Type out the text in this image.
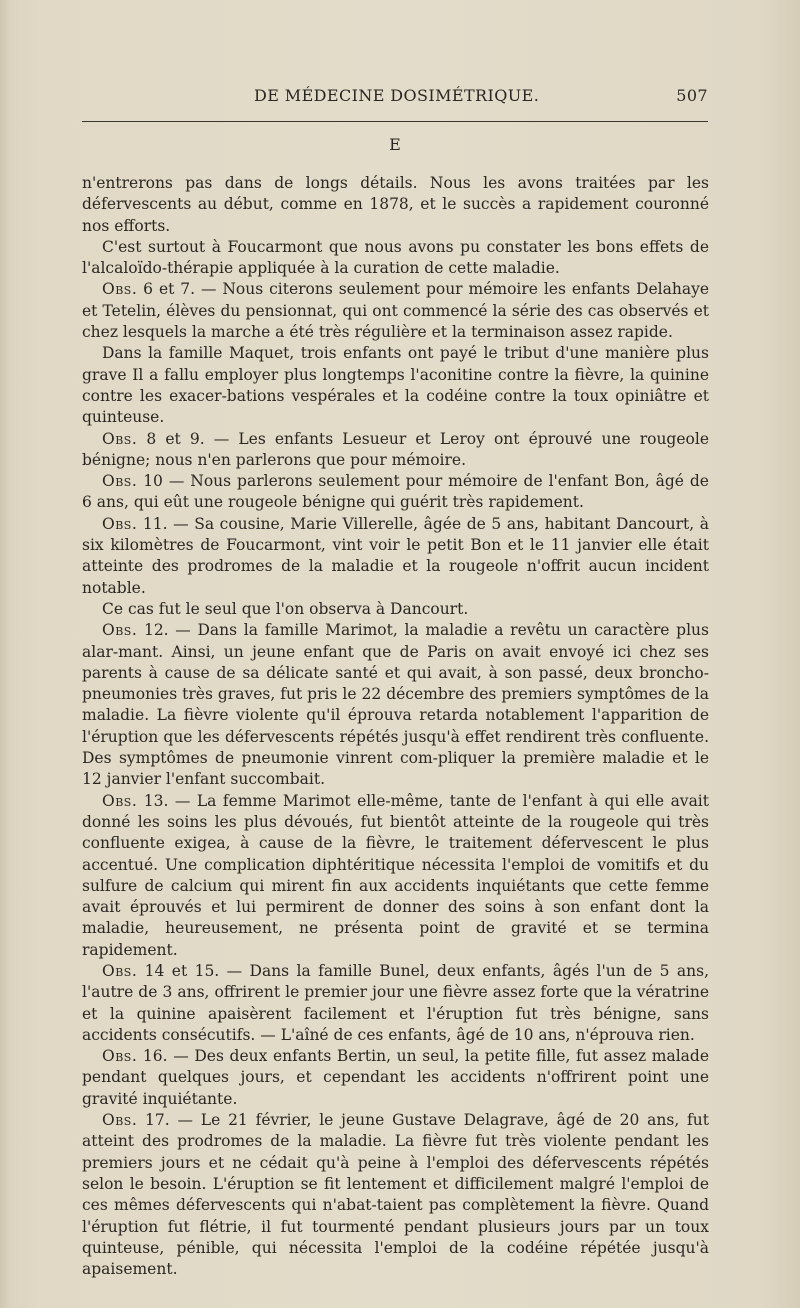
DE MÉDECINE DOSIMÉTRIQUE.	507
E

n'entrerons pas dans de longs détails. Nous les avons traitées par les défervescents au début, comme en 1878, et le succès a rapidement couronné nos efforts.

C'est surtout à Foucarmont que nous avons pu constater les bons effets de l'alcaloïdo-thérapie appliquée à la curation de cette maladie.

Obs. 6 et 7. — Nous citerons seulement pour mémoire les enfants Delahaye et Tetelin, élèves du pensionnat, qui ont commencé la série des cas observés et chez lesquels la marche a été très régulière et la terminaison assez rapide.

Dans la famille Maquet, trois enfants ont payé le tribut d'une manière plus grave Il a fallu employer plus longtemps l'aconitine contre la fièvre, la quinine contre les exacer-bations vespérales et la codéine contre la toux opiniâtre et quinteuse.

Obs. 8 et 9. — Les enfants Lesueur et Leroy ont éprouvé une rougeole bénigne; nous n'en parlerons que pour mémoire.

Obs. 10 — Nous parlerons seulement pour mémoire de l'enfant Bon, âgé de 6 ans, qui eût une rougeole bénigne qui guérit très rapidement.

Obs. 11. — Sa cousine, Marie Villerelle, âgée de 5 ans, habitant Dancourt, à six kilomètres de Foucarmont, vint voir le petit Bon et le 11 janvier elle était atteinte des prodromes de la maladie et la rougeole n'offrit aucun incident notable.

Ce cas fut le seul que l'on observa à Dancourt.

Obs. 12. — Dans la famille Marimot, la maladie a revêtu un caractère plus alar-mant. Ainsi, un jeune enfant que de Paris on avait envoyé ici chez ses parents à cause de sa délicate santé et qui avait, à son passé, deux broncho-pneumonies très graves, fut pris le 22 décembre des premiers symptômes de la maladie. La fièvre violente qu'il éprouva retarda notablement l'apparition de l'éruption que les défervescents répétés jusqu'à effet rendirent très confluente. Des symptômes de pneumonie vinrent com-pliquer la première maladie et le 12 janvier l'enfant succombait.

Obs. 13. — La femme Marimot elle-même, tante de l'enfant à qui elle avait donné les soins les plus dévoués, fut bientôt atteinte de la rougeole qui très confluente exigea, à cause de la fièvre, le traitement défervescent le plus accentué. Une complication diphtéritique nécessita l'emploi de vomitifs et du sulfure de calcium qui mirent fin aux accidents inquiétants que cette femme avait éprouvés et lui permirent de donner des soins à son enfant dont la maladie, heureusement, ne présenta point de gravité et se termina rapidement.

Obs. 14 et 15. — Dans la famille Bunel, deux enfants, âgés l'un de 5 ans, l'autre de 3 ans, offrirent le premier jour une fièvre assez forte que la vératrine et la quinine apaisèrent facilement et l'éruption fut très bénigne, sans accidents consécutifs. — L'aîné de ces enfants, âgé de 10 ans, n'éprouva rien.

Obs. 16. — Des deux enfants Bertin, un seul, la petite fille, fut assez malade pendant quelques jours, et cependant les accidents n'offrirent point une gravité inquiétante.

Obs. 17. — Le 21 février, le jeune Gustave Delagrave, âgé de 20 ans, fut atteint des prodromes de la maladie. La fièvre fut très violente pendant les premiers jours et ne cédait qu'à peine à l'emploi des défervescents répétés selon le besoin. L'éruption se fit lentement et difficilement malgré l'emploi de ces mêmes défervescents qui n'abat-taient pas complètement la fièvre. Quand l'éruption fut flétrie, il fut tourmenté pendant plusieurs jours par un toux quinteuse, pénible, qui nécessita l'emploi de la codéine répétée jusqu'à apaisement.
